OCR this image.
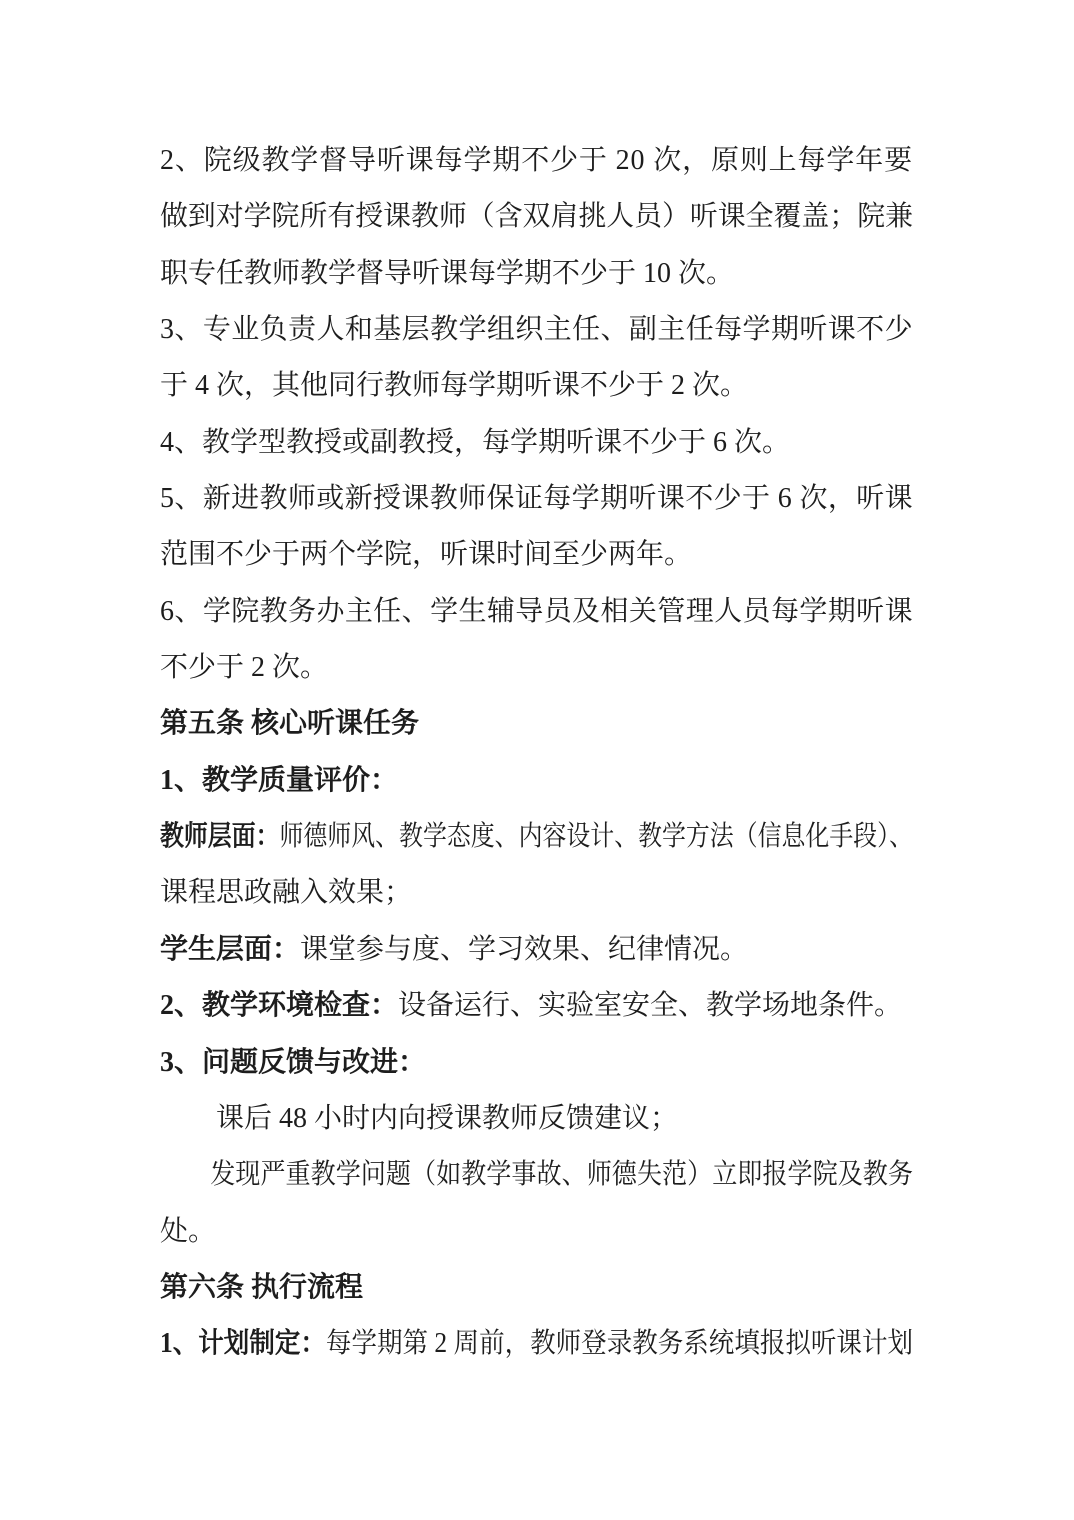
2、院级教学督导听课每学期不少于 20 次，原则上每学年要
做到对学院所有授课教师（含双肩挑人员）听课全覆盖；院兼
职专任教师教学督导听课每学期不少于 10 次。
3、专业负责人和基层教学组织主任、副主任每学期听课不少
于 4 次，其他同行教师每学期听课不少于 2 次。
4、教学型教授或副教授，每学期听课不少于 6 次。
5、新进教师或新授课教师保证每学期听课不少于 6 次，听课
范围不少于两个学院，听课时间至少两年。
6、学院教务办主任、学生辅导员及相关管理人员每学期听课
不少于 2 次。
第五条 核心听课任务
1、教学质量评价：
教师层面：师德师风、教学态度、内容设计、教学方法（信息化手段）、
课程思政融入效果；
学生层面：课堂参与度、学习效果、纪律情况。
2、教学环境检查：设备运行、实验室安全、教学场地条件。
3、问题反馈与改进：
课后 48 小时内向授课教师反馈建议；
发现严重教学问题（如教学事故、师德失范）立即报学院及教务
处。
第六条 执行流程
1、计划制定：每学期第 2 周前，教师登录教务系统填报拟听课计划
